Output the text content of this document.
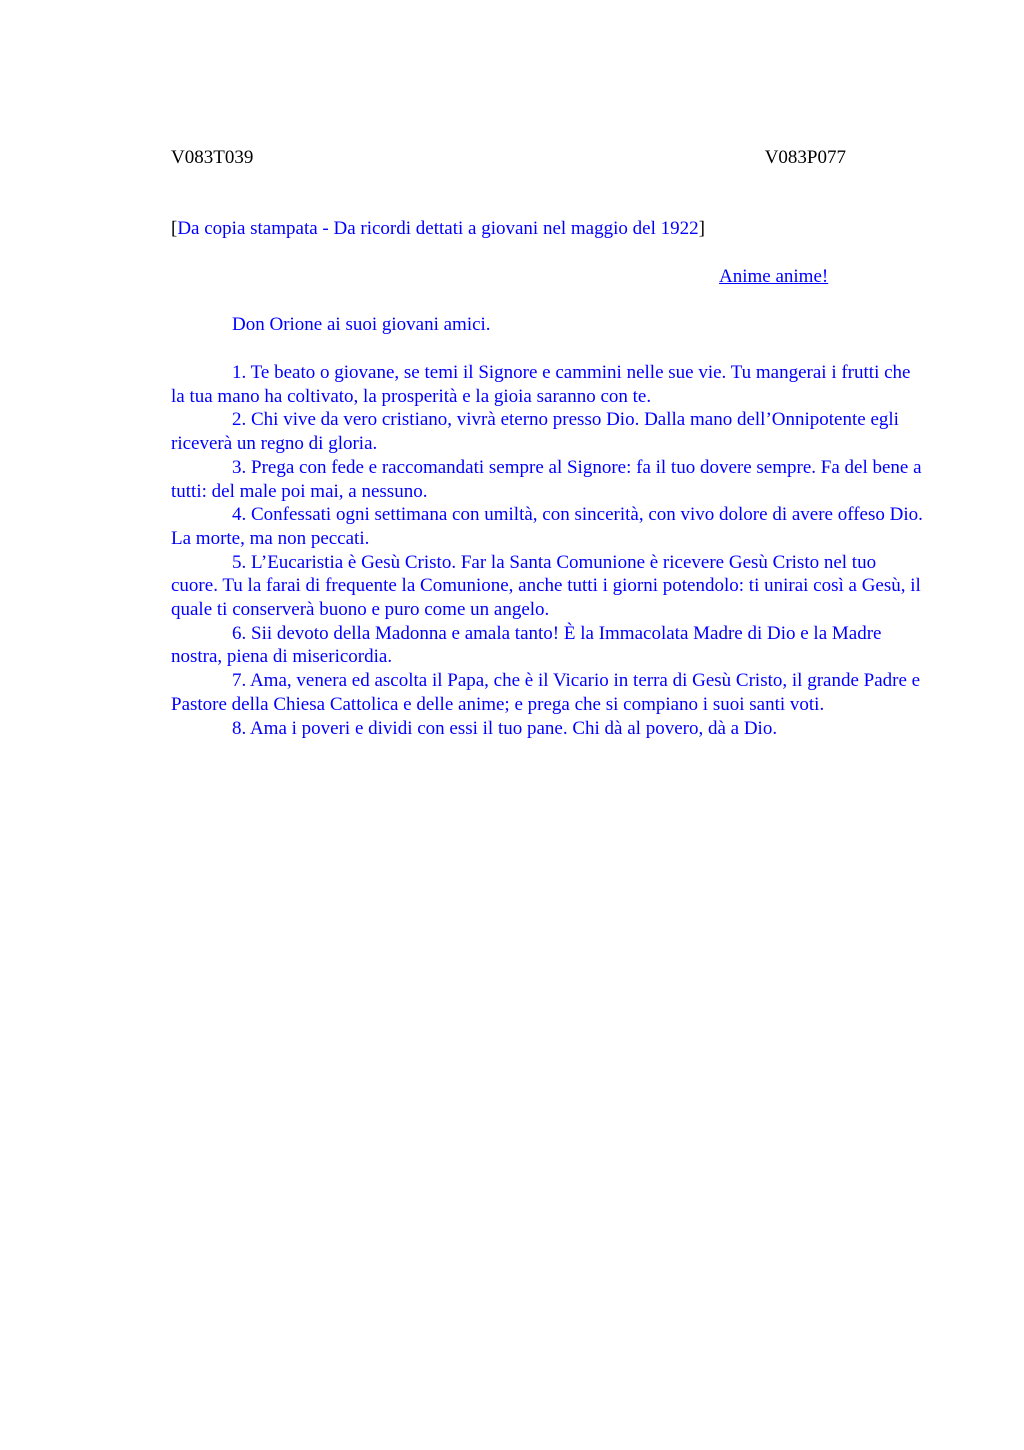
V083T039	V083P077
[Da copia stampata - Da ricordi dettati a giovani nel maggio del 1922]
Anime anime!
Don Orione ai suoi giovani amici.

1. Te beato o giovane, se temi il Signore e cammini nelle sue vie. Tu mangerai i frutti che la tua mano ha coltivato, la prosperità e la gioia saranno con te.

2. Chi vive da vero cristiano, vivrà eterno presso Dio. Dalla mano dell’Onnipotente egli riceverà un regno di gloria.

3. Prega con fede e raccomandati sempre al Signore: fa il tuo dovere sempre. Fa del bene a tutti: del male poi mai, a nessuno.

4. Confessati ogni settimana con umiltà, con sincerità, con vivo dolore di avere offeso Dio. La morte, ma non peccati.

5. L’Eucaristia è Gesù Cristo. Far la Santa Comunione è ricevere Gesù Cristo nel tuo cuore. Tu la farai di frequente la Comunione, anche tutti i giorni potendolo: ti unirai così a Gesù, il quale ti conserverà buono e puro come un angelo.

6. Sii devoto della Madonna e amala tanto! È la Immacolata Madre di Dio e la Madre nostra, piena di misericordia.

7. Ama, venera ed ascolta il Papa, che è il Vicario in terra di Gesù Cristo, il grande Padre e Pastore della Chiesa Cattolica e delle anime; e prega che si compiano i suoi santi voti.

8. Ama i poveri e dividi con essi il tuo pane. Chi dà al povero, dà a Dio.
